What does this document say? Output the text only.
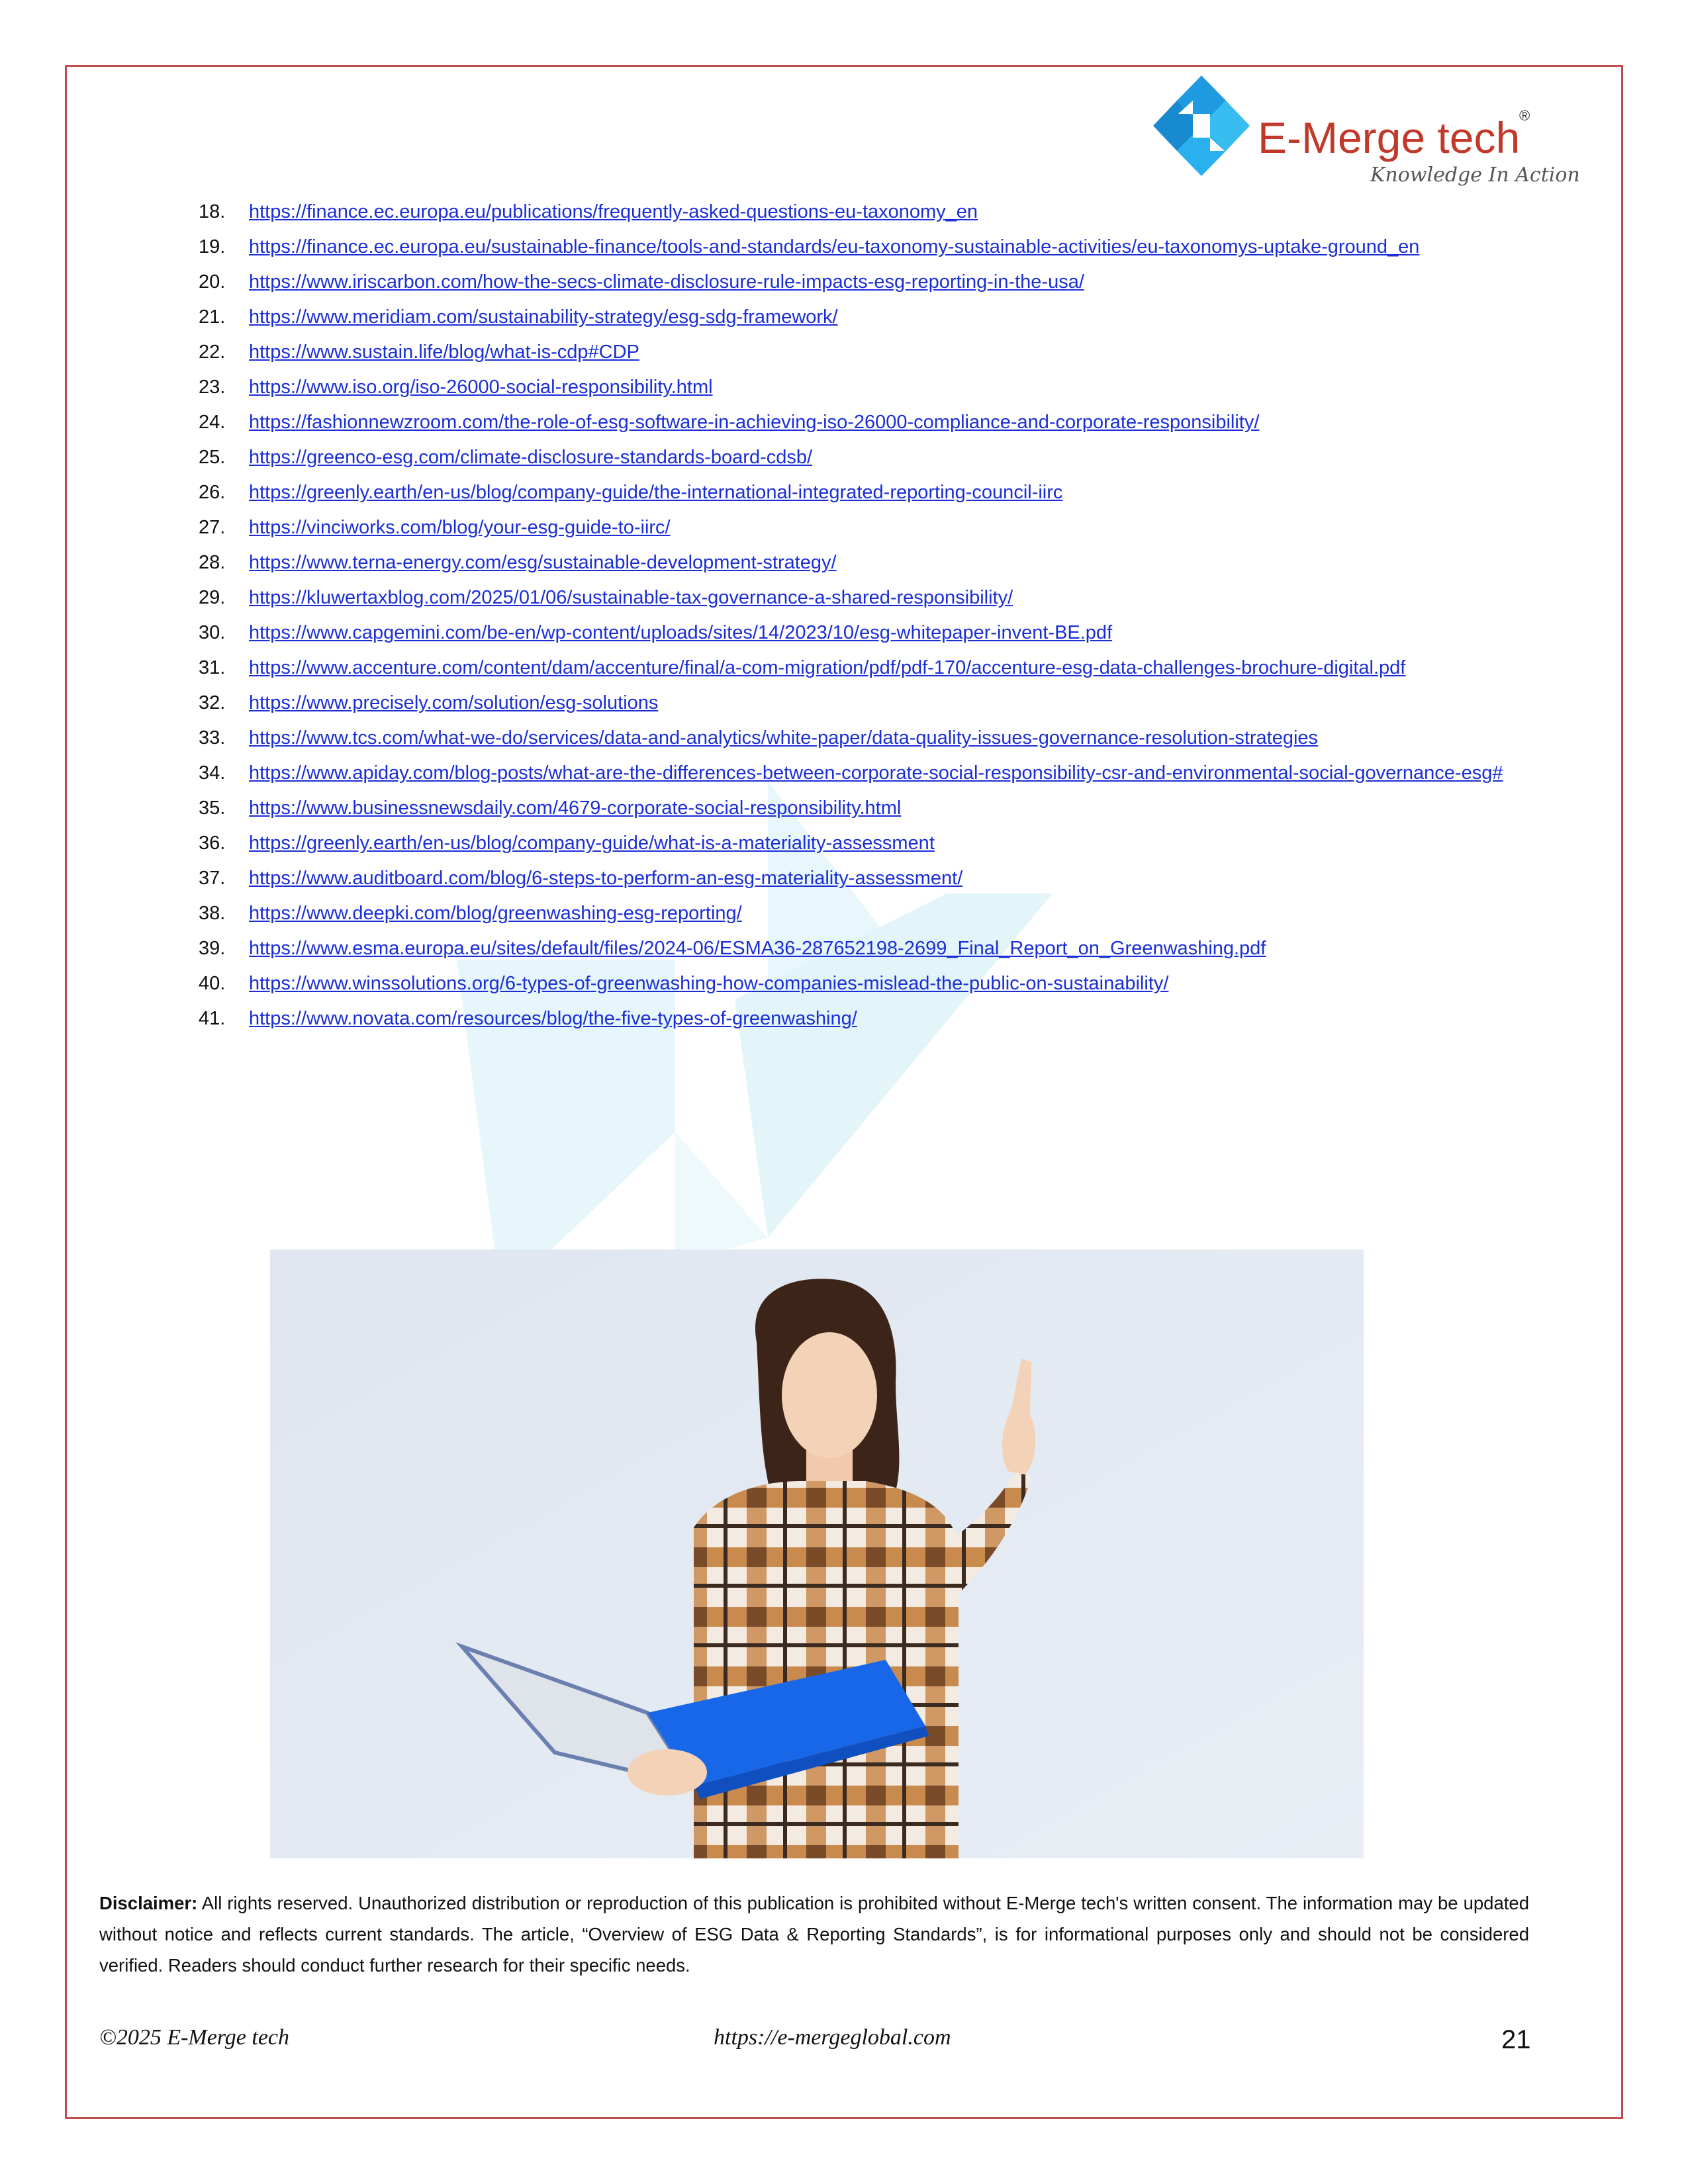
E-Merge tech
®
Knowledge In Action
18.	https://finance.ec.europa.eu/publications/frequently-asked-questions-eu-taxonomy_en
19.	https://finance.ec.europa.eu/sustainable-finance/tools-and-standards/eu-taxonomy-sustainable-activities/eu-taxonomys-uptake-ground_en
20.	https://www.iriscarbon.com/how-the-secs-climate-disclosure-rule-impacts-esg-reporting-in-the-usa/
21.	https://www.meridiam.com/sustainability-strategy/esg-sdg-framework/
22.	https://www.sustain.life/blog/what-is-cdp#CDP
23.	https://www.iso.org/iso-26000-social-responsibility.html
24.	https://fashionnewzroom.com/the-role-of-esg-software-in-achieving-iso-26000-compliance-and-corporate-responsibility/
25.	https://greenco-esg.com/climate-disclosure-standards-board-cdsb/
26.	https://greenly.earth/en-us/blog/company-guide/the-international-integrated-reporting-council-iirc
27.	https://vinciworks.com/blog/your-esg-guide-to-iirc/
28.	https://www.terna-energy.com/esg/sustainable-development-strategy/
29.	https://kluwertaxblog.com/2025/01/06/sustainable-tax-governance-a-shared-responsibility/
30.	https://www.capgemini.com/be-en/wp-content/uploads/sites/14/2023/10/esg-whitepaper-invent-BE.pdf
31.	https://www.accenture.com/content/dam/accenture/final/a-com-migration/pdf/pdf-170/accenture-esg-data-challenges-brochure-digital.pdf
32.	https://www.precisely.com/solution/esg-solutions
33.	https://www.tcs.com/what-we-do/services/data-and-analytics/white-paper/data-quality-issues-governance-resolution-strategies
34.	https://www.apiday.com/blog-posts/what-are-the-differences-between-corporate-social-responsibility-csr-and-environmental-social-governance-esg#
35.	https://www.businessnewsdaily.com/4679-corporate-social-responsibility.html
36.	https://greenly.earth/en-us/blog/company-guide/what-is-a-materiality-assessment
37.	https://www.auditboard.com/blog/6-steps-to-perform-an-esg-materiality-assessment/
38.	https://www.deepki.com/blog/greenwashing-esg-reporting/
39.	https://www.esma.europa.eu/sites/default/files/2024-06/ESMA36-287652198-2699_Final_Report_on_Greenwashing.pdf
40.	https://www.winssolutions.org/6-types-of-greenwashing-how-companies-mislead-the-public-on-sustainability/
41.	https://www.novata.com/resources/blog/the-five-types-of-greenwashing/
Disclaimer: All rights reserved. Unauthorized distribution or reproduction of this publication is prohibited without E-Merge tech's written consent. The information may be updated without notice and reflects current standards. The article, “Overview of ESG Data & Reporting Standards”, is for informational purposes only and should not be considered verified. Readers should conduct further research for their specific needs.
©2025 E-Merge tech	https://e-mergeglobal.com	21
